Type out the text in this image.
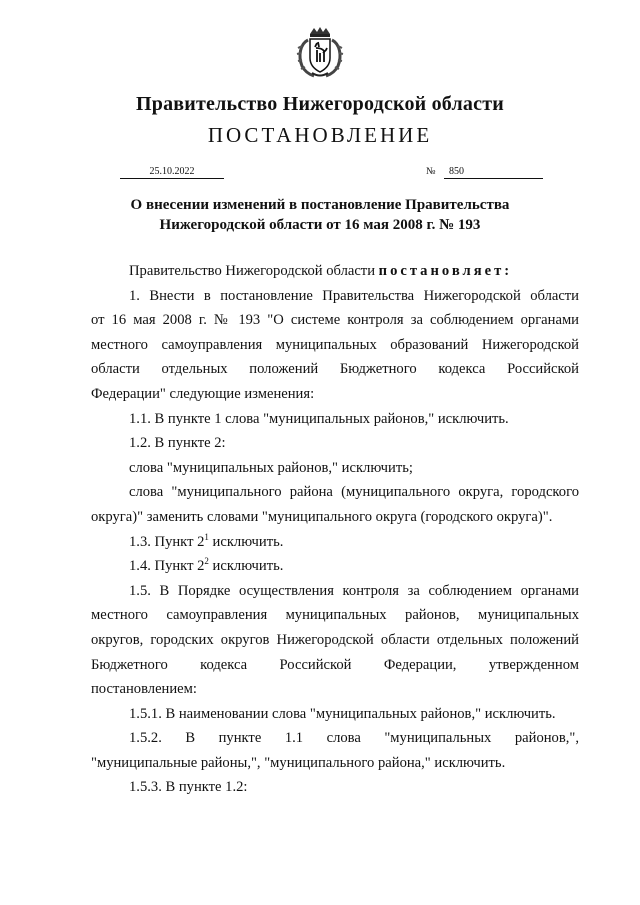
Правительство Нижегородской области
ПОСТАНОВЛЕНИЕ
25.10.2022	№ 850
О внесении изменений в постановление Правительства
Нижегородской области от 16 мая 2008 г. № 193

Правительство Нижегородской области постановляет:

1. Внести в постановление Правительства Нижегородской области

от 16 мая 2008 г. № 193 "О системе контроля за соблюдением органами

местного самоуправления муниципальных образований Нижегородской

области отдельных положений Бюджетного кодекса Российской

Федерации" следующие изменения:

1.1. В пункте 1 слова "муниципальных районов," исключить.

1.2. В пункте 2:

слова "муниципальных районов," исключить;

слова "муниципального района (муниципального округа, городского

округа)" заменить словами "муниципального округа (городского округа)".

1.3. Пункт $2^1$ исключить.

1.4. Пункт $2^2$ исключить.

1.5. В Порядке осуществления контроля за соблюдением органами

местного самоуправления муниципальных районов, муниципальных

округов, городских округов Нижегородской области отдельных положений

Бюджетного кодекса Российской Федерации, утвержденном

постановлением:

1.5.1. В наименовании слова "муниципальных районов," исключить.

1.5.2. В пункте 1.1 слова "муниципальных районов,",

"муниципальные районы,", "муниципального района," исключить.

1.5.3. В пункте 1.2:
